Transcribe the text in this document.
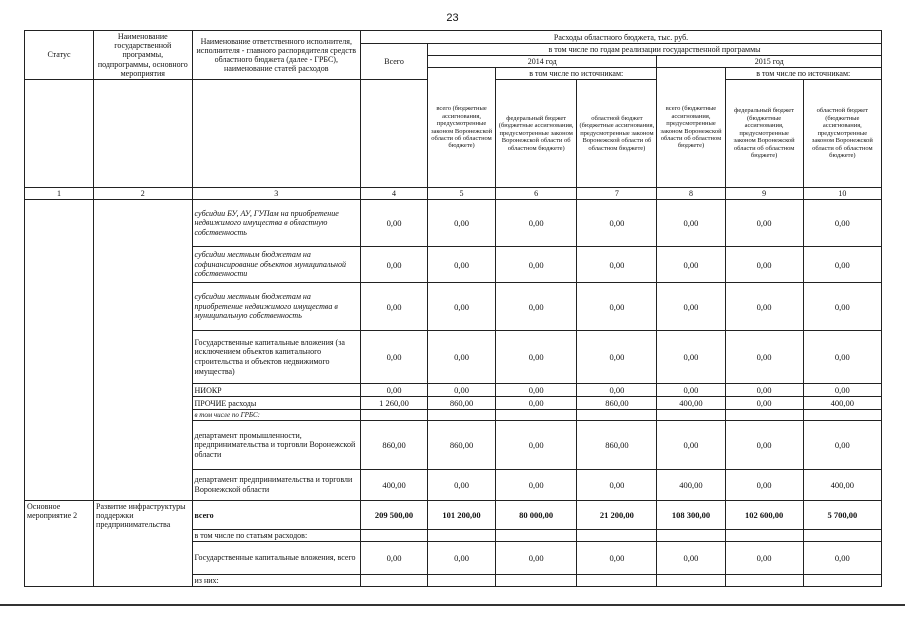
23
Статус	Наименование государственной программы, подпрограммы, основного мероприятия	Наименование ответственного исполнителя, исполнителя - главного распорядителя средств областного бюджета (далее - ГРБС), наименование статей расходов	Расходы областного бюджета, тыс. руб.						
			Всего	в том числе по годам реализации государственной программы					
				2014 год			2015 год		
				всего (бюджетные ассигнования, предусмотренные законом Воронежской области об областном бюджете)	в том числе по источникам:		всего (бюджетные ассигнования, предусмотренные законом Воронежской области об областном бюджете)	в том числе по источникам:	
					федеральный бюджет (бюджетные ассигнования, предусмотренные законом Воронежской области об областном бюджете)	областной бюджет (бюджетные ассигнования, предусмотренные законом Воронежской области об областном бюджете)		федеральный бюджет (бюджетные ассигнования, предусмотренные законом Воронежской области об областном бюджете)	областной бюджет (бюджетные ассигнования, предусмотренные законом Воронежской области об областном бюджете)
1	2	3	4	5	6	7	8	9	10
		субсидии БУ, АУ, ГУПам на приобретение недвижимого имущества в областную собственность	0,00	0,00	0,00	0,00	0,00	0,00	0,00
		субсидии местным бюджетам на софинансирование объектов муниципальной собственности	0,00	0,00	0,00	0,00	0,00	0,00	0,00
		субсидии местным бюджетам на приобретение недвижимого имущества в муниципальную собственность	0,00	0,00	0,00	0,00	0,00	0,00	0,00
		Государственные капитальные вложения (за исключением объектов капитального строительства и объектов недвижимого имущества)	0,00	0,00	0,00	0,00	0,00	0,00	0,00
		НИОКР	0,00	0,00	0,00	0,00	0,00	0,00	0,00
		ПРОЧИЕ расходы	1 260,00	860,00	0,00	860,00	400,00	0,00	400,00
		в том числе по ГРБС:							
		департамент промышленности, предпринимательства и торговли Воронежской области	860,00	860,00	0,00	860,00	0,00	0,00	0,00
		департамент предпринимательства и торговли Воронежской области	400,00	0,00	0,00	0,00	400,00	0,00	400,00
Основное мероприятие 2	Развитие инфраструктуры поддержки предпринимательства	всего	209 500,00	101 200,00	80 000,00	21 200,00	108 300,00	102 600,00	5 700,00
		в том числе по статьям расходов:							
		Государственные капитальные вложения, всего	0,00	0,00	0,00	0,00	0,00	0,00	0,00
		из них:							
